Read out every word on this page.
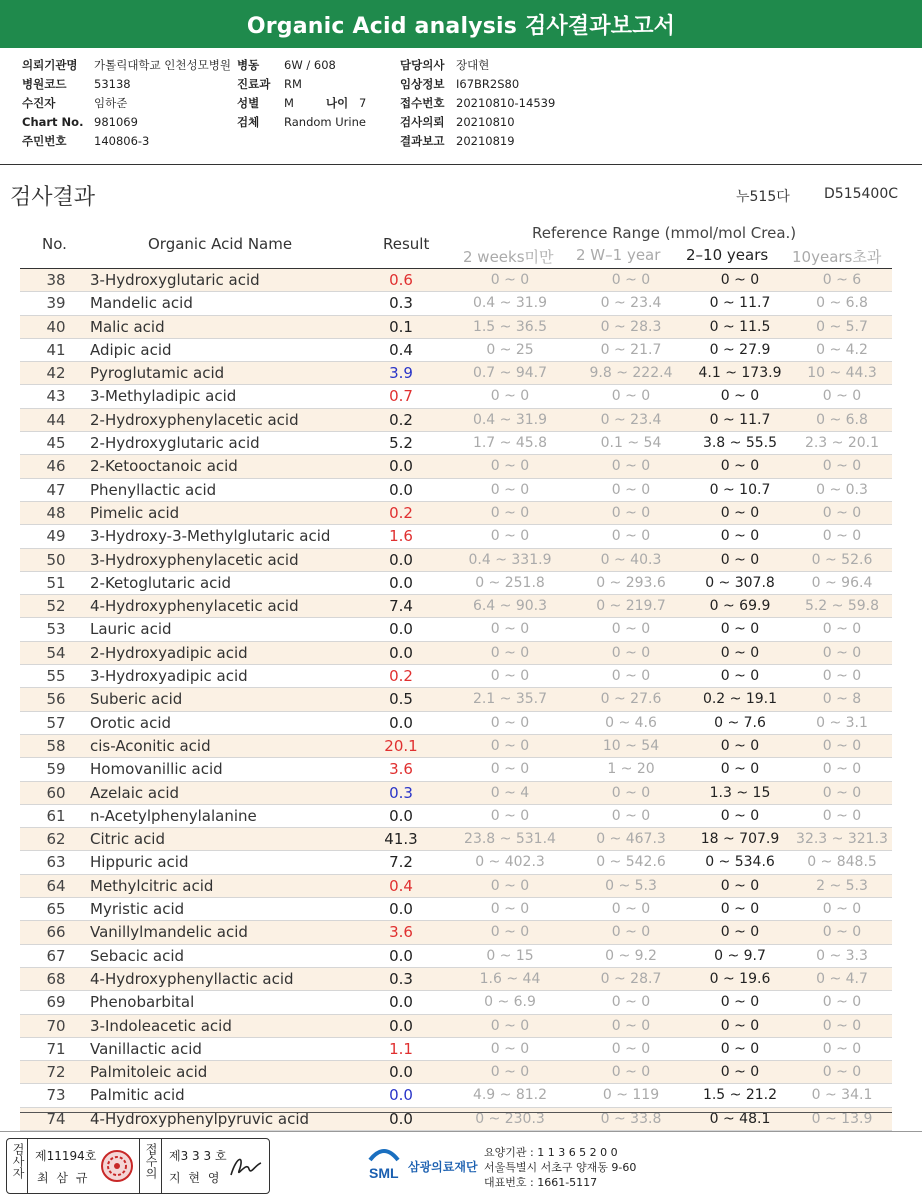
Organic Acid analysis 검사결과보고서
의뢰기관명 가톨릭대학교 인천성모병원 병동 6W / 608	담당의사 장대현
병원코드 53138	진료과 RM	임상정보 I67BR2S80
수진자	임하준	성별 M	나이 7	접수번호 20210810-14539
Chart No. 981069	검체 Random Urine	검사의뢰 20210810
주민번호 140806-3	결과보고 20210819
검사결과	누515다 D515400C
No.	Organic Acid Name	Result
Reference Range (mmol/mol Crea.)
2 weeks미만 2 W–1 year 2–10 years 10years초과
38	3-Hydroxyglutaric acid	0.6	0 ~ 0	0 ~ 0	0 ~ 0	0 ~ 6
39	Mandelic acid	0.3	0.4 ~ 31.9	0 ~ 23.4	0 ~ 11.7	0 ~ 6.8
40	Malic acid	0.1	1.5 ~ 36.5	0 ~ 28.3	0 ~ 11.5	0 ~ 5.7
41	Adipic acid	0.4	0 ~ 25	0 ~ 21.7	0 ~ 27.9	0 ~ 4.2
42	Pyroglutamic acid	3.9	0.7 ~ 94.7	9.8 ~ 222.4	4.1 ~ 173.9	10 ~ 44.3
43	3-Methyladipic acid	0.7	0 ~ 0	0 ~ 0	0 ~ 0	0 ~ 0
44	2-Hydroxyphenylacetic acid	0.2	0.4 ~ 31.9	0 ~ 23.4	0 ~ 11.7	0 ~ 6.8
45	2-Hydroxyglutaric acid	5.2	1.7 ~ 45.8	0.1 ~ 54	3.8 ~ 55.5	2.3 ~ 20.1
46	2-Ketooctanoic acid	0.0	0 ~ 0	0 ~ 0	0 ~ 0	0 ~ 0
47	Phenyllactic acid	0.0	0 ~ 0	0 ~ 0	0 ~ 10.7	0 ~ 0.3
48	Pimelic acid	0.2	0 ~ 0	0 ~ 0	0 ~ 0	0 ~ 0
49	3-Hydroxy-3-Methylglutaric acid	1.6	0 ~ 0	0 ~ 0	0 ~ 0	0 ~ 0
50	3-Hydroxyphenylacetic acid	0.0	0.4 ~ 331.9	0 ~ 40.3	0 ~ 0	0 ~ 52.6
51	2-Ketoglutaric acid	0.0	0 ~ 251.8	0 ~ 293.6	0 ~ 307.8	0 ~ 96.4
52	4-Hydroxyphenylacetic acid	7.4	6.4 ~ 90.3	0 ~ 219.7	0 ~ 69.9	5.2 ~ 59.8
53	Lauric acid	0.0	0 ~ 0	0 ~ 0	0 ~ 0	0 ~ 0
54	2-Hydroxyadipic acid	0.0	0 ~ 0	0 ~ 0	0 ~ 0	0 ~ 0
55	3-Hydroxyadipic acid	0.2	0 ~ 0	0 ~ 0	0 ~ 0	0 ~ 0
56	Suberic acid	0.5	2.1 ~ 35.7	0 ~ 27.6	0.2 ~ 19.1	0 ~ 8
57	Orotic acid	0.0	0 ~ 0	0 ~ 4.6	0 ~ 7.6	0 ~ 3.1
58	cis-Aconitic acid	20.1	0 ~ 0	10 ~ 54	0 ~ 0	0 ~ 0
59	Homovanillic acid	3.6	0 ~ 0	1 ~ 20	0 ~ 0	0 ~ 0
60	Azelaic acid	0.3	0 ~ 4	0 ~ 0	1.3 ~ 15	0 ~ 0
61	n-Acetylphenylalanine	0.0	0 ~ 0	0 ~ 0	0 ~ 0	0 ~ 0
62	Citric acid	41.3	23.8 ~ 531.4	0 ~ 467.3	18 ~ 707.9	32.3 ~ 321.3
63	Hippuric acid	7.2	0 ~ 402.3	0 ~ 542.6	0 ~ 534.6	0 ~ 848.5
64	Methylcitric acid	0.4	0 ~ 0	0 ~ 5.3	0 ~ 0	2 ~ 5.3
65	Myristic acid	0.0	0 ~ 0	0 ~ 0	0 ~ 0	0 ~ 0
66	Vanillylmandelic acid	3.6	0 ~ 0	0 ~ 0	0 ~ 0	0 ~ 0
67	Sebacic acid	0.0	0 ~ 15	0 ~ 9.2	0 ~ 9.7	0 ~ 3.3
68	4-Hydroxyphenyllactic acid	0.3	1.6 ~ 44	0 ~ 28.7	0 ~ 19.6	0 ~ 4.7
69	Phenobarbital	0.0	0 ~ 6.9	0 ~ 0	0 ~ 0	0 ~ 0
70	3-Indoleacetic acid	0.0	0 ~ 0	0 ~ 0	0 ~ 0	0 ~ 0
71	Vanillactic acid	1.1	0 ~ 0	0 ~ 0	0 ~ 0	0 ~ 0
72	Palmitoleic acid	0.0	0 ~ 0	0 ~ 0	0 ~ 0	0 ~ 0
73	Palmitic acid	0.0	4.9 ~ 81.2	0 ~ 119	1.5 ~ 21.2	0 ~ 34.1
74	4-Hydroxyphenylpyruvic acid	0.0	0 ~ 230.3	0 ~ 33.8	0 ~ 48.1	0 ~ 13.9
검사자 제11194호
최 삼 규	접수의 제3 3 3 호
지 현 영	SML 삼광의료재단
요양기관 : 1 1 3 6 5 2 0 0
서울특별시 서초구 양재동 9-60
대표번호 : 1661-5117
